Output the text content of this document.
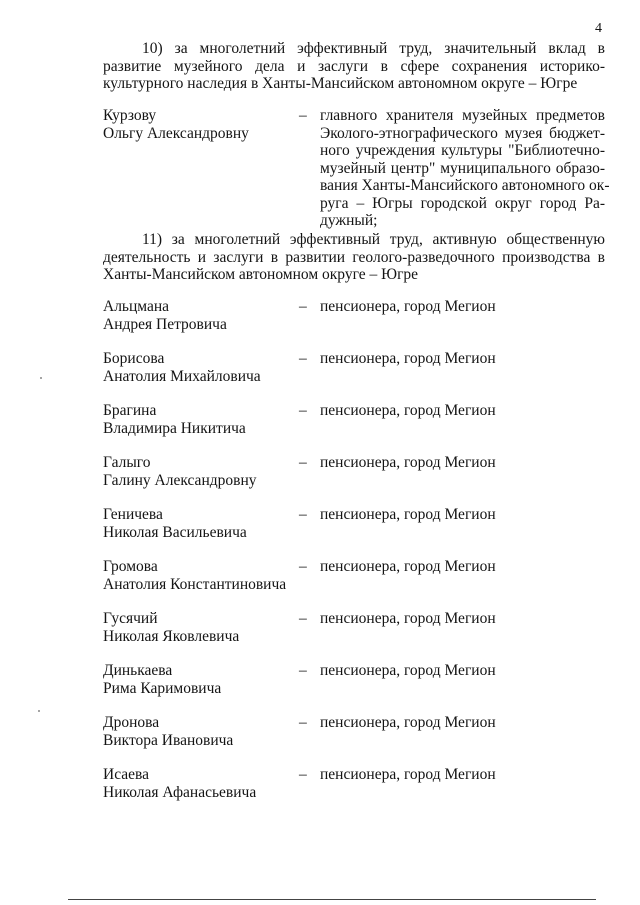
4

10) за многолетний эффективный труд, значительный вклад в развитие музейного дела и заслуги в сфере сохранения историко-культурного наследия в Ханты-Мансийском автономном округе – Югре

Курзову
Ольгу Александровну
– главного хранителя музейных предметов
Эколого-этнографического музея бюджет-
ного учреждения культуры "Библиотечно-
музейный центр" муниципального образо-
вания Ханты-Мансийского автономного ок-
руга – Югры городской округ город Ра-
дужный;

11) за многолетний эффективный труд, активную общественную деятельность и заслуги в развитии геолого-разведочного производства в Ханты-Мансийском автономном округе – Югре

Альцмана
Андрея Петровича
– пенсионера, город Мегион
Борисова
Анатолия Михайловича
– пенсионера, город Мегион
Брагина
Владимира Никитича
– пенсионера, город Мегион
Галыго
Галину Александровну
– пенсионера, город Мегион
Геничева
Николая Васильевича
– пенсионера, город Мегион
Громова
Анатолия Константиновича
– пенсионера, город Мегион
Гусячий
Николая Яковлевича
– пенсионера, город Мегион
Динькаева
Рима Каримовича
– пенсионера, город Мегион
Дронова
Виктора Ивановича
– пенсионера, город Мегион
Исаева
Николая Афанасьевича
– пенсионера, город Мегион
